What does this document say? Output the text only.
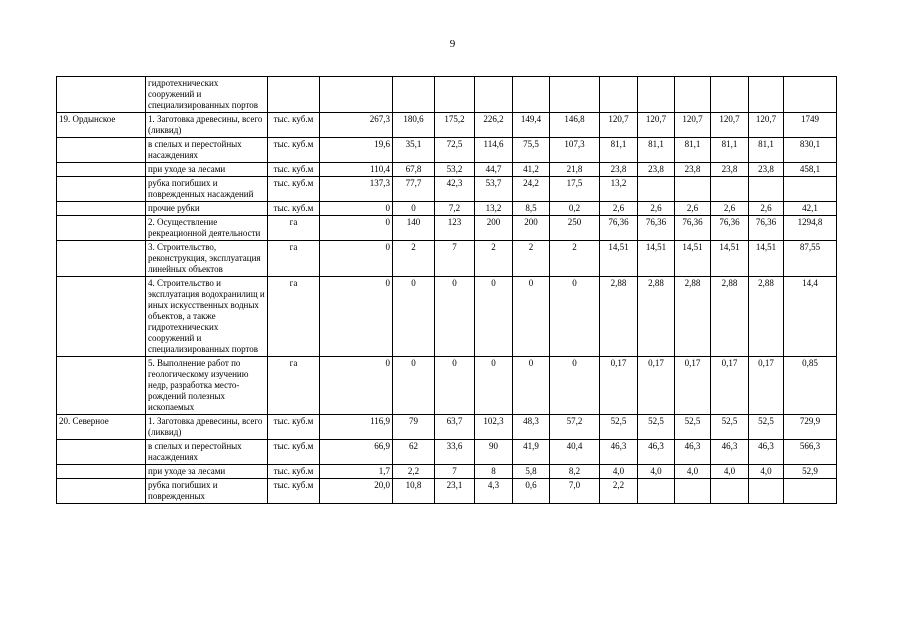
9
	гидротехнических сооружений и специализированных портов													
19. Ордынское	1. Заготовка древесины, всего (ликвид)	тыс. куб.м	267,3	180,6	175,2	226,2	149,4	146,8	120,7	120,7	120,7	120,7	120,7	1749
	в спелых и перестойных насаждениях	тыс. куб.м	19,6	35,1	72,5	114,6	75,5	107,3	81,1	81,1	81,1	81,1	81,1	830,1
	при уходе за лесами	тыс. куб.м	110,4	67,8	53,2	44,7	41,2	21,8	23,8	23,8	23,8	23,8	23,8	458,1
	рубка погибших и поврежденных насаждений	тыс. куб.м	137,3	77,7	42,3	53,7	24,2	17,5	13,2					
	прочие рубки	тыс. куб.м	0	0	7,2	13,2	8,5	0,2	2,6	2,6	2,6	2,6	2,6	42,1
	2. Осуществление рекреационной деятельности	га	0	140	123	200	200	250	76,36	76,36	76,36	76,36	76,36	1294,8
	3. Строительство, реконструкция, эксплуатация линейных объектов	га	0	2	7	2	2	2	14,51	14,51	14,51	14,51	14,51	87,55
	4. Строительство и эксплуатация водохранилищ и иных искусственных водных объектов, а также гидротехнических сооружений и специализированных портов	га	0	0	0	0	0	0	2,88	2,88	2,88	2,88	2,88	14,4
	5. Выполнение работ по геологическому изучению недр, разработка место-рождений полезных ископаемых	га	0	0	0	0	0	0	0,17	0,17	0,17	0,17	0,17	0,85
20. Северное	1. Заготовка древесины, всего (ликвид)	тыс. куб.м	116,9	79	63,7	102,3	48,3	57,2	52,5	52,5	52,5	52,5	52,5	729,9
	в спелых и перестойных насаждениях	тыс. куб.м	66,9	62	33,6	90	41,9	40,4	46,3	46,3	46,3	46,3	46,3	566,3
	при уходе за лесами	тыс. куб.м	1,7	2,2	7	8	5,8	8,2	4,0	4,0	4,0	4,0	4,0	52,9
	рубка погибших и поврежденных	тыс. куб.м	20,0	10,8	23,1	4,3	0,6	7,0	2,2					
